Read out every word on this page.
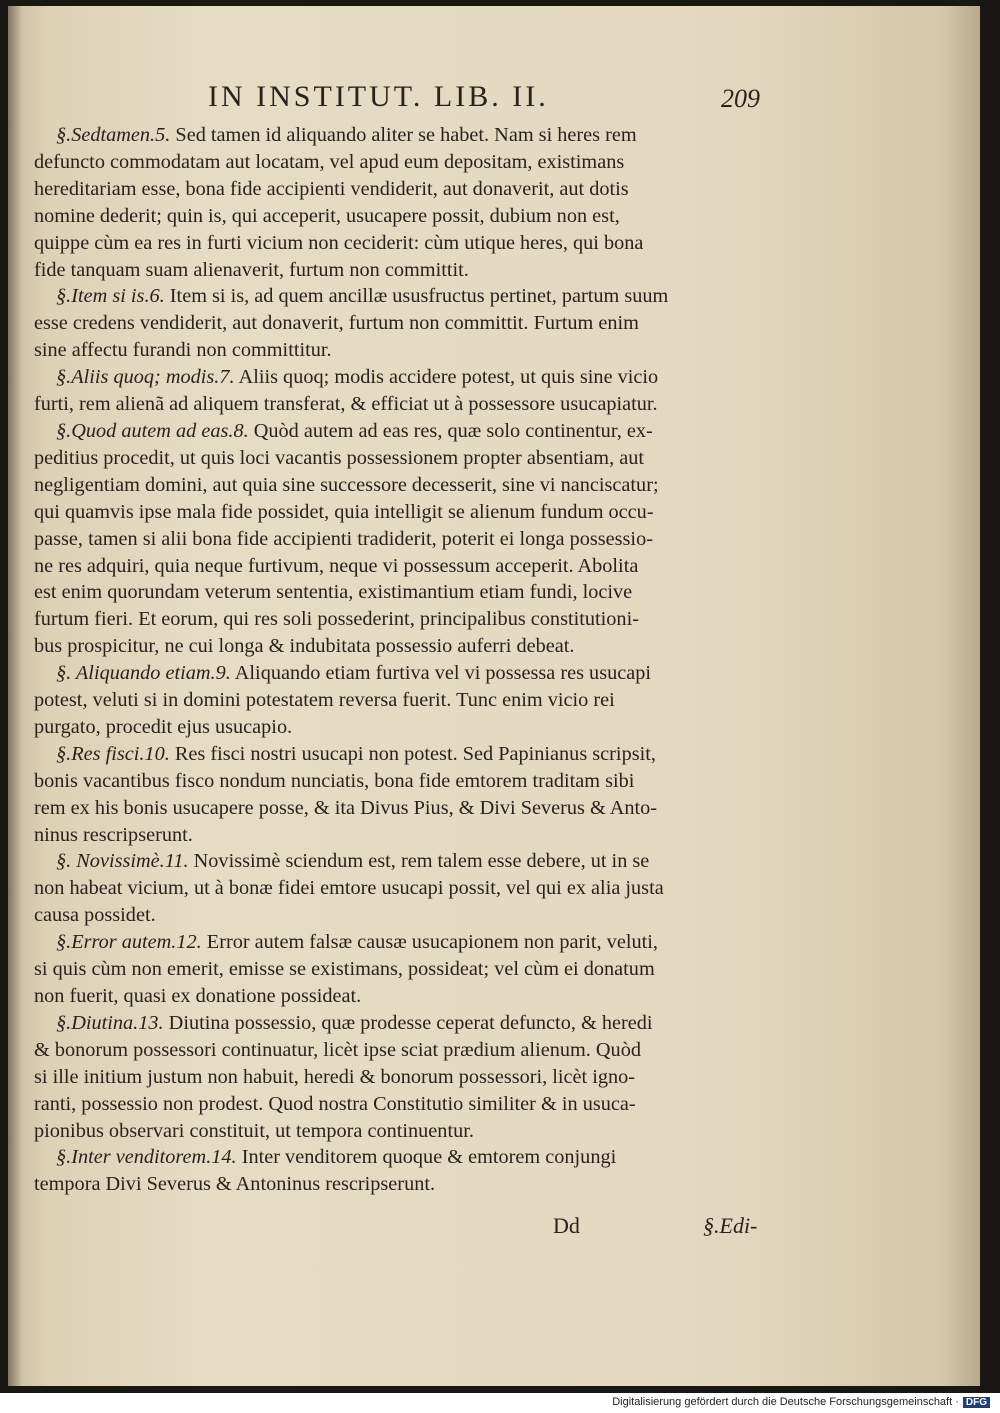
IN INSTITUT. LIB. II.	209
§.Sedtamen.5. Sed tamen id aliquando aliter se habet. Nam si heres rem
defuncto commodatam aut locatam, vel apud eum depositam, existimans
hereditariam esse, bona fide accipienti vendiderit, aut donaverit, aut dotis
nomine dederit; quin is, qui acceperit, usucapere possit, dubium non est,
quippe cùm ea res in furti vicium non ceciderit: cùm utique heres, qui bona
fide tanquam suam alienaverit, furtum non committit.
§.Item si is.6. Item si is, ad quem ancillæ ususfructus pertinet, partum suum
esse credens vendiderit, aut donaverit, furtum non committit. Furtum enim
sine affectu furandi non committitur.
§.Aliis quoq; modis.7. Aliis quoq; modis accidere potest, ut quis sine vicio
furti, rem alienã ad aliquem transferat, & efficiat ut à possessore usucapiatur.
§.Quod autem ad eas.8. Quòd autem ad eas res, quæ solo continentur, ex-
peditius procedit, ut quis loci vacantis possessionem propter absentiam, aut
negligentiam domini, aut quia sine successore decesserit, sine vi nanciscatur;
qui quamvis ipse mala fide possidet, quia intelligit se alienum fundum occu-
passe, tamen si alii bona fide accipienti tradiderit, poterit ei longa possessio-
ne res adquiri, quia neque furtivum, neque vi possessum acceperit. Abolita
est enim quorundam veterum sententia, existimantium etiam fundi, locive
furtum fieri. Et eorum, qui res soli possederint, principalibus constitutioni-
bus prospicitur, ne cui longa & indubitata possessio auferri debeat.
§. Aliquando etiam.9. Aliquando etiam furtiva vel vi possessa res usucapi
potest, veluti si in domini potestatem reversa fuerit. Tunc enim vicio rei
purgato, procedit ejus usucapio.
§.Res fisci.10. Res fisci nostri usucapi non potest. Sed Papinianus scripsit,
bonis vacantibus fisco nondum nunciatis, bona fide emtorem traditam sibi
rem ex his bonis usucapere posse, & ita Divus Pius, & Divi Severus & Anto-
ninus rescripserunt.
§. Novissimè.11. Novissimè sciendum est, rem talem esse debere, ut in se
non habeat vicium, ut à bonæ fidei emtore usucapi possit, vel qui ex alia justa
causa possidet.
§.Error autem.12. Error autem falsæ causæ usucapionem non parit, veluti,
si quis cùm non emerit, emisse se existimans, possideat; vel cùm ei donatum
non fuerit, quasi ex donatione possideat.
§.Diutina.13. Diutina possessio, quæ prodesse ceperat defuncto, & heredi
& bonorum possessori continuatur, licèt ipse sciat prædium alienum. Quòd
si ille initium justum non habuit, heredi & bonorum possessori, licèt igno-
ranti, possessio non prodest. Quod nostra Constitutio similiter & in usuca-
pionibus observari constituit, ut tempora continuentur.
§.Inter venditorem.14. Inter venditorem quoque & emtorem conjungi
tempora Divi Severus & Antoninus rescripserunt.
Dd	§.Edi-
Digitalisierung gefördert durch die Deutsche Forschungsgemeinschaft · DFG
